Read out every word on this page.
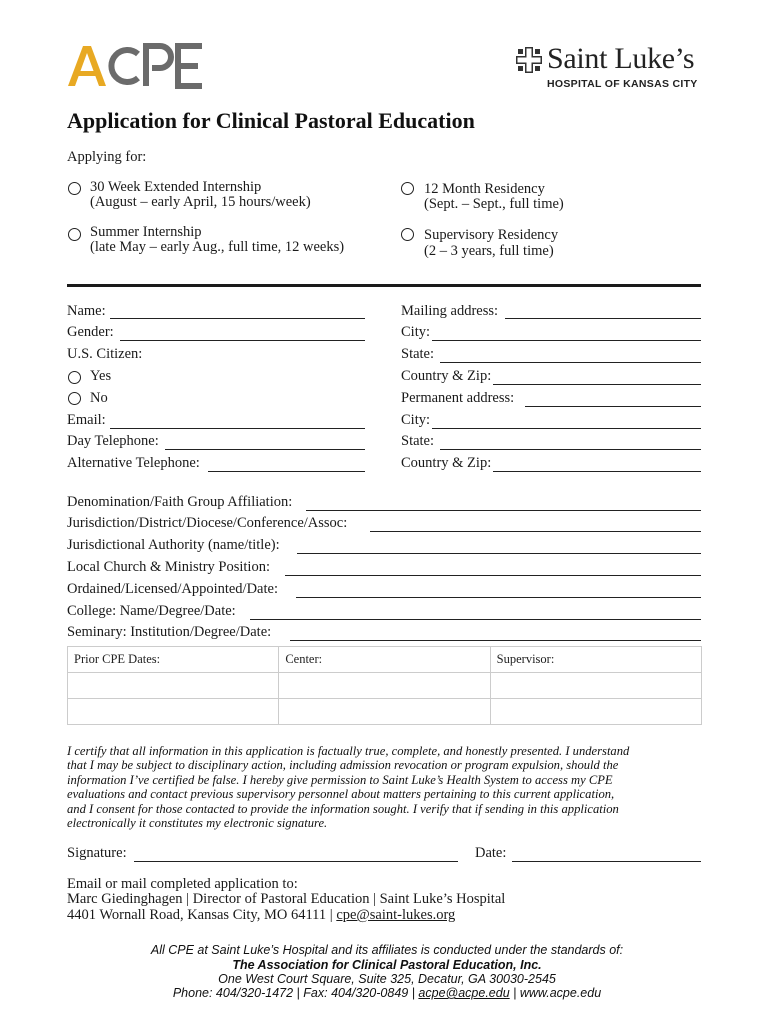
Saint Luke’s
HOSPITAL OF KANSAS CITY
Application for Clinical Pastoral Education
Applying for:
30 Week Extended Internship
(August – early April, 15 hours/week)
12 Month Residency
(Sept. – Sept., full time)
Summer Internship
(late May – early Aug., full time, 12 weeks)
Supervisory Residency
(2 – 3 years, full time)
Name:
Gender:
U.S. Citizen:
Yes
No
Email:
Day Telephone:
Alternative Telephone:
Mailing address:
City:
State:
Country & Zip:
Permanent address:
City:
State:
Country & Zip:
Denomination/Faith Group Affiliation:
Jurisdiction/District/Diocese/Conference/Assoc:
Jurisdictional Authority (name/title):
Local Church & Ministry Position:
Ordained/Licensed/Appointed/Date:
College: Name/Degree/Date:
Seminary: Institution/Degree/Date:
Prior CPE Dates:	Center:	Supervisor:

I certify that all information in this application is factually true, complete, and honestly presented. I understand
that I may be subject to disciplinary action, including admission revocation or program expulsion, should the
information I’ve certified be false. I hereby give permission to Saint Luke’s Health System to access my CPE
evaluations and contact previous supervisory personnel about matters pertaining to this current application,
and I consent for those contacted to provide the information sought. I verify that if sending in this application
electronically it constitutes my electronic signature.
Signature:	Date:
Email or mail completed application to:
Marc Giedinghagen | Director of Pastoral Education | Saint Luke’s Hospital
4401 Wornall Road, Kansas City, MO 64111 | cpe@saint-lukes.org
All CPE at Saint Luke’s Hospital and its affiliates is conducted under the standards of:
The Association for Clinical Pastoral Education, Inc.
One West Court Square, Suite 325, Decatur, GA 30030-2545
Phone: 404/320-1472 | Fax: 404/320-0849 | acpe@acpe.edu | www.acpe.edu
